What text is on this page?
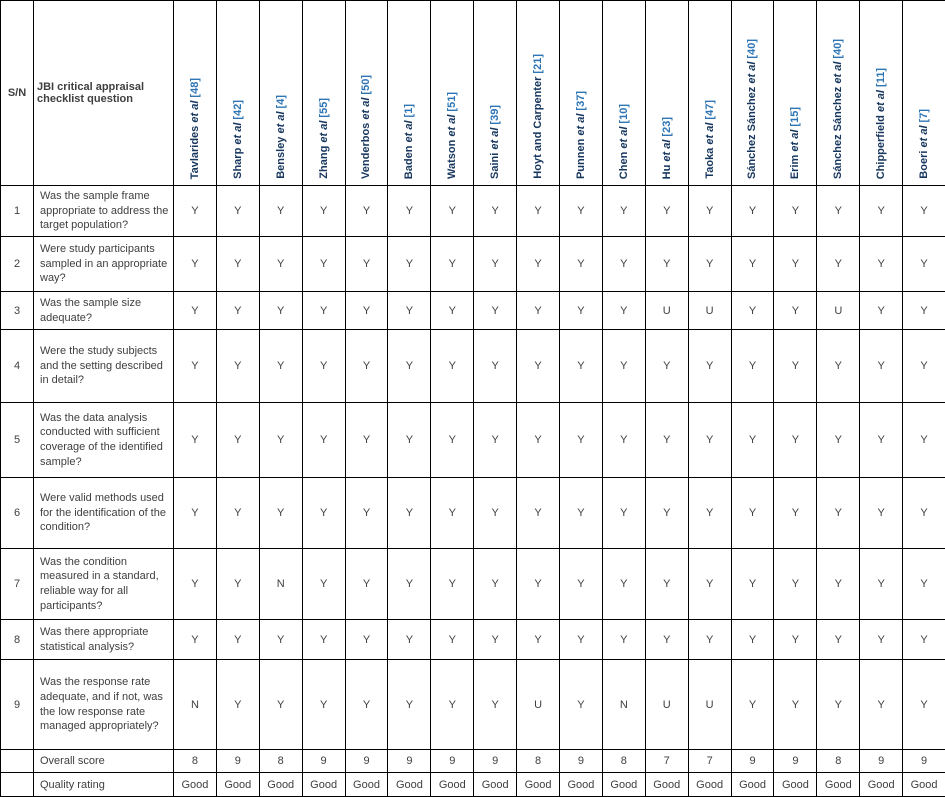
S/N	JBI critical appraisal checklist question	Tavlarides et al [48]	Sharp et al [42]	Bensley et al [4]	Zhang et al [55]	Venderbos et al [50]	Baden et al [1]	Watson et al [51]	Saini et al [39]	Hoyt and Carpenter [21]	Punnen et al [37]	Chen et al [10]	Hu et al [23]	Taoka et al [47]	Sánchez Sánchez et al [40]	Erim et al [15]	Sánchez Sánchez et al [40]	Chipperfield et al [11]	Boeri et al [7]

1	Was the sample frame appropriate to address the target population?	Y	Y	Y	Y	Y	Y	Y	Y	Y	Y	Y	Y	Y	Y	Y	Y	Y	Y
2	Were study participants sampled in an appropriate way?	Y	Y	Y	Y	Y	Y	Y	Y	Y	Y	Y	Y	Y	Y	Y	Y	Y	Y
3	Was the sample size adequate?	Y	Y	Y	Y	Y	Y	Y	Y	Y	Y	Y	U	U	Y	Y	U	Y	Y
4	Were the study subjects and the setting described in detail?	Y	Y	Y	Y	Y	Y	Y	Y	Y	Y	Y	Y	Y	Y	Y	Y	Y	Y
5	Was the data analysis conducted with sufficient coverage of the identified sample?	Y	Y	Y	Y	Y	Y	Y	Y	Y	Y	Y	Y	Y	Y	Y	Y	Y	Y
6	Were valid methods used for the identification of the condition?	Y	Y	Y	Y	Y	Y	Y	Y	Y	Y	Y	Y	Y	Y	Y	Y	Y	Y
7	Was the condition measured in a standard, reliable way for all participants?	Y	Y	N	Y	Y	Y	Y	Y	Y	Y	Y	Y	Y	Y	Y	Y	Y	Y
8	Was there appropriate statistical analysis?	Y	Y	Y	Y	Y	Y	Y	Y	Y	Y	Y	Y	Y	Y	Y	Y	Y	Y
9	Was the response rate adequate, and if not, was the low response rate managed appropriately?	N	Y	Y	Y	Y	Y	Y	Y	U	Y	N	U	U	Y	Y	Y	Y	Y
	Overall score	8	9	8	9	9	9	9	9	8	9	8	7	7	9	9	8	9	9
	Quality rating	Good	Good	Good	Good	Good	Good	Good	Good	Good	Good	Good	Good	Good	Good	Good	Good	Good	Good
